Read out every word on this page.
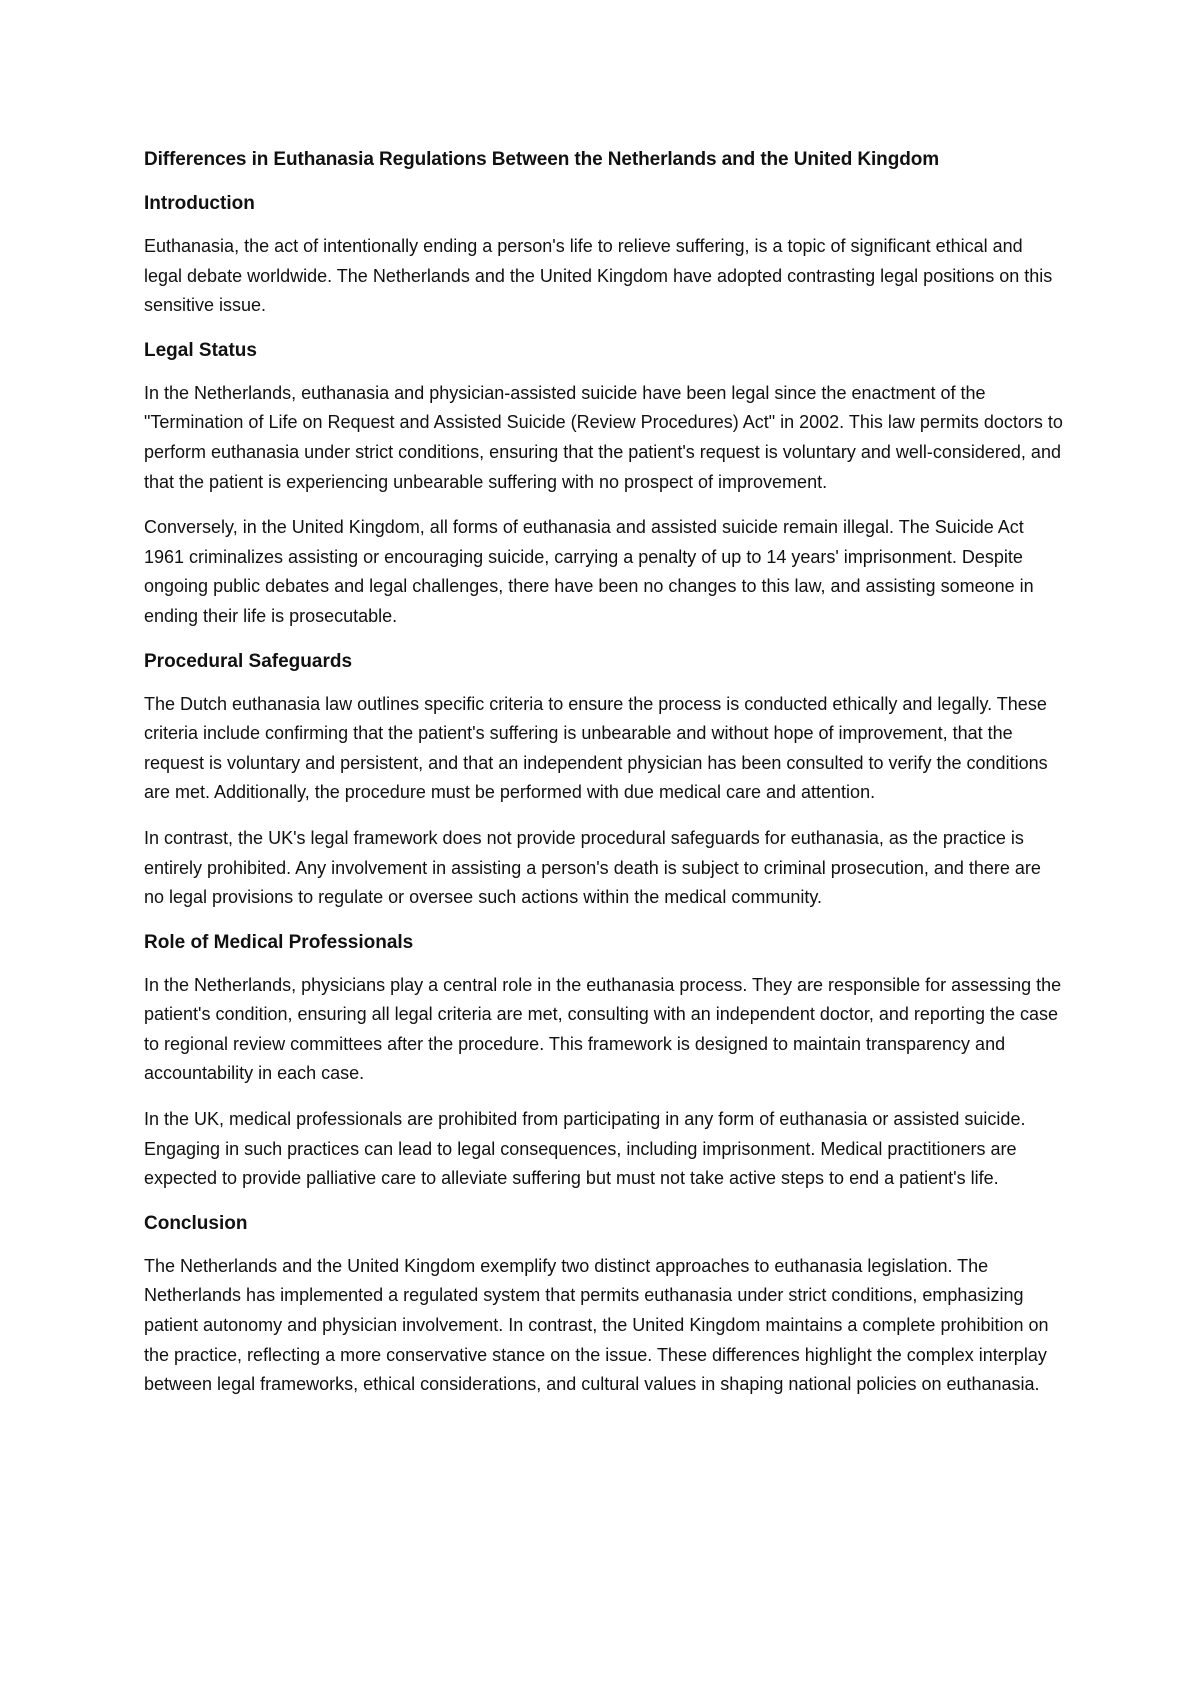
Differences in Euthanasia Regulations Between the Netherlands and the United Kingdom
Introduction

Euthanasia, the act of intentionally ending a person's life to relieve suffering, is a topic of significant ethical and legal debate worldwide. The Netherlands and the United Kingdom have adopted contrasting legal positions on this sensitive issue.

Legal Status

In the Netherlands, euthanasia and physician-assisted suicide have been legal since the enactment of the "Termination of Life on Request and Assisted Suicide (Review Procedures) Act" in 2002. This law permits doctors to perform euthanasia under strict conditions, ensuring that the patient's request is voluntary and well-considered, and that the patient is experiencing unbearable suffering with no prospect of improvement.

Conversely, in the United Kingdom, all forms of euthanasia and assisted suicide remain illegal. The Suicide Act 1961 criminalizes assisting or encouraging suicide, carrying a penalty of up to 14 years' imprisonment. Despite ongoing public debates and legal challenges, there have been no changes to this law, and assisting someone in ending their life is prosecutable.

Procedural Safeguards

The Dutch euthanasia law outlines specific criteria to ensure the process is conducted ethically and legally. These criteria include confirming that the patient's suffering is unbearable and without hope of improvement, that the request is voluntary and persistent, and that an independent physician has been consulted to verify the conditions are met. Additionally, the procedure must be performed with due medical care and attention.

In contrast, the UK's legal framework does not provide procedural safeguards for euthanasia, as the practice is entirely prohibited. Any involvement in assisting a person's death is subject to criminal prosecution, and there are no legal provisions to regulate or oversee such actions within the medical community.

Role of Medical Professionals

In the Netherlands, physicians play a central role in the euthanasia process. They are responsible for assessing the patient's condition, ensuring all legal criteria are met, consulting with an independent doctor, and reporting the case to regional review committees after the procedure. This framework is designed to maintain transparency and accountability in each case.

In the UK, medical professionals are prohibited from participating in any form of euthanasia or assisted suicide. Engaging in such practices can lead to legal consequences, including imprisonment. Medical practitioners are expected to provide palliative care to alleviate suffering but must not take active steps to end a patient's life.

Conclusion

The Netherlands and the United Kingdom exemplify two distinct approaches to euthanasia legislation. The Netherlands has implemented a regulated system that permits euthanasia under strict conditions, emphasizing patient autonomy and physician involvement. In contrast, the United Kingdom maintains a complete prohibition on the practice, reflecting a more conservative stance on the issue. These differences highlight the complex interplay between legal frameworks, ethical considerations, and cultural values in shaping national policies on euthanasia.
